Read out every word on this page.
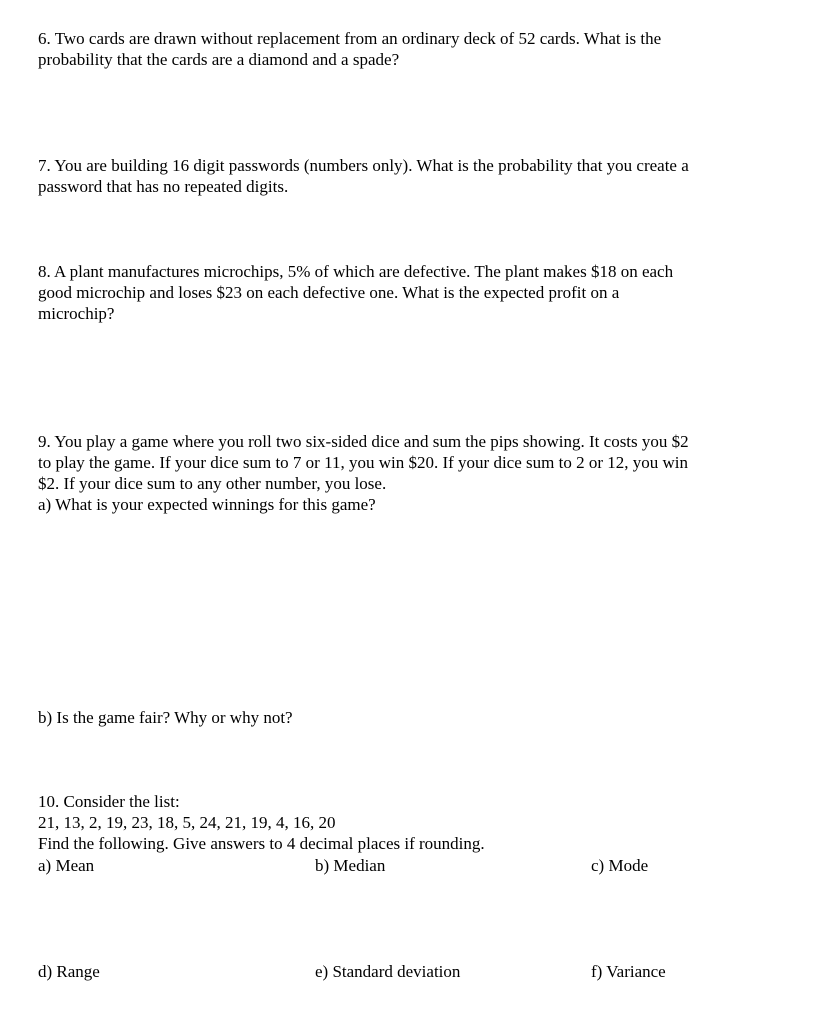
6. Two cards are drawn without replacement from an ordinary deck of 52 cards. What is the
probability that the cards are a diamond and a spade?
7. You are building 16 digit passwords (numbers only). What is the probability that you create a
password that has no repeated digits.
8. A plant manufactures microchips, 5% of which are defective. The plant makes $18 on each
good microchip and loses $23 on each defective one. What is the expected profit on a
microchip?
9. You play a game where you roll two six-sided dice and sum the pips showing. It costs you $2
to play the game. If your dice sum to 7 or 11, you win $20. If your dice sum to 2 or 12, you win
$2. If your dice sum to any other number, you lose.
a) What is your expected winnings for this game?
b) Is the game fair? Why or why not?
10. Consider the list:
21, 13, 2, 19, 23, 18, 5, 24, 21, 19, 4, 16, 20
Find the following. Give answers to 4 decimal places if rounding.
a) Mean	b) Median	c) Mode
d) Range	e) Standard deviation	f) Variance
